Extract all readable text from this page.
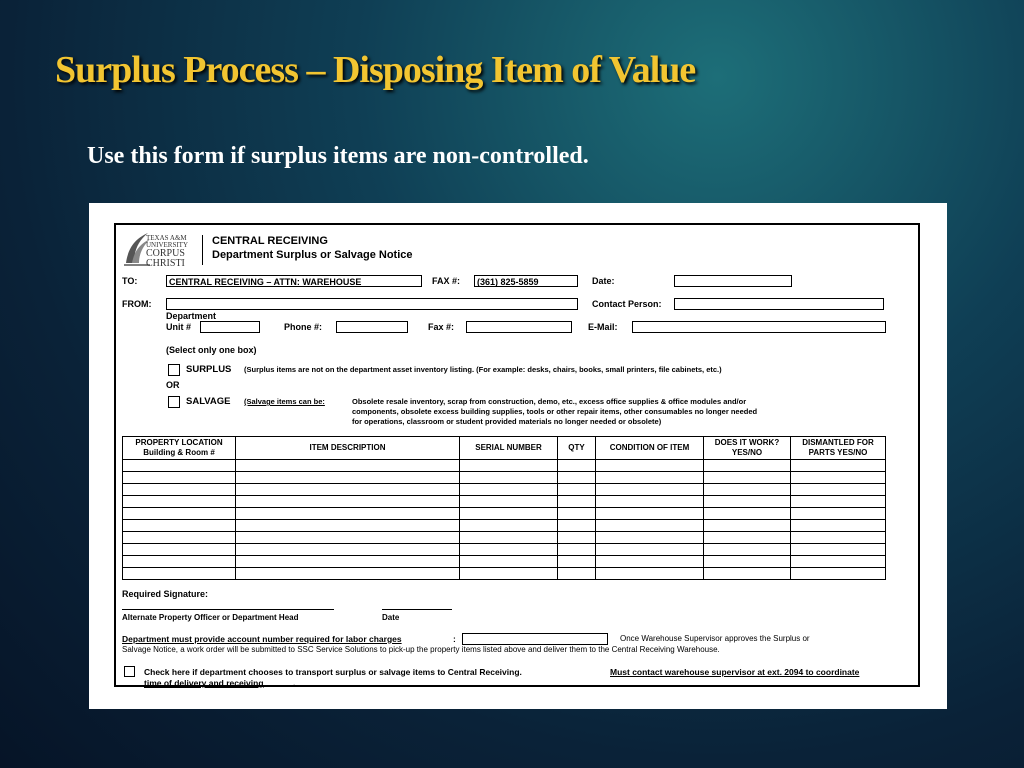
Surplus Process – Disposing Item of Value

Use this form if surplus items are non-controlled.

TEXAS A&M
UNIVERSITY
CORPUS
CHRISTI
CENTRAL RECEIVING
Department Surplus or Salvage Notice
TO:	CENTRAL RECEIVING – ATTN: WAREHOUSE	FAX #: (361) 825-5859	Date:
FROM:	Contact Person:
Department
Unit #	Phone #:	Fax #:	E-Mail:
(Select only one box)
SURPLUS (Surplus items are not on the department asset inventory listing. (For example: desks, chairs, books, small printers, file cabinets, etc.)
OR
SALVAGE (Salvage items can be:	Obsolete resale inventory, scrap from construction, demo, etc., excess office supplies & office modules and/or
components, obsolete excess building supplies, tools or other repair items, other consumables no longer needed
for operations, classroom or student provided materials no longer needed or obsolete)
PROPERTY LOCATION Building & Room #	ITEM DESCRIPTION	SERIAL NUMBER	QTY	CONDITION OF ITEM	DOES IT WORK? YES/NO	DISMANTLED FOR PARTS YES/NO

Required Signature:
Alternate Property Officer or Department Head	Date
Department must provide account number required for labor charges	:	Once Warehouse Supervisor approves the Surplus or
Salvage Notice, a work order will be submitted to SSC Service Solutions to pick-up the property items listed above and deliver them to the Central Receiving Warehouse.
Check here if department chooses to transport surplus or salvage items to Central Receiving.	Must contact warehouse supervisor at ext. 2094 to coordinate
time of delivery and receiving	.
